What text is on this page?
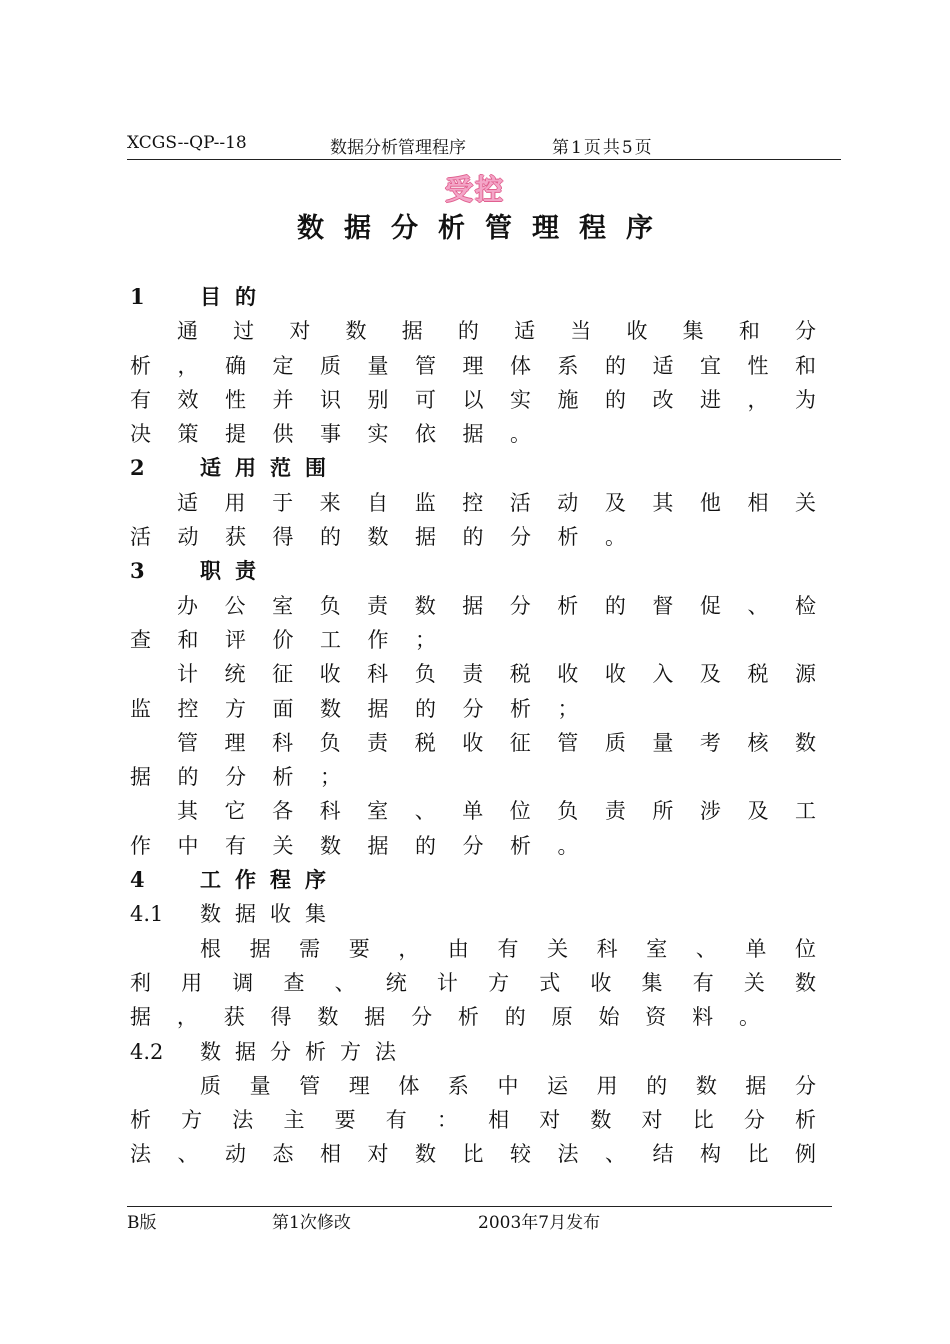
XCGS--QP--18	数据分析管理程序	第1页共5页
受控
数据分析管理程序
1	目的
通过对数据的适当收集和分
析，确定质量管理体系的适宜性和
有效性并识别可以实施的改进，为
决策提供事实依据。
2	适用范围
适用于来自监控活动及其他相关
活动获得的数据的分析。
3	职责
办公室负责数据分析的督促、检
查和评价工作；
计统征收科负责税收收入及税源
监控方面数据的分析；
管理科负责税收征管质量考核数
据的分析；
其它各科室、单位负责所涉及工
作中有关数据的分析。
4	工作程序
4.1 数据收集
根据需要，由有关科室、单位
利用调查、统计方式收集有关数
据，获得数据分析的原始资料。
4.2 数据分析方法
质量管理体系中运用的数据分
析方法主要有：相对数对比分析
法、动态相对数比较法、结构比例
B版	第1次修改	2003年7月发布
